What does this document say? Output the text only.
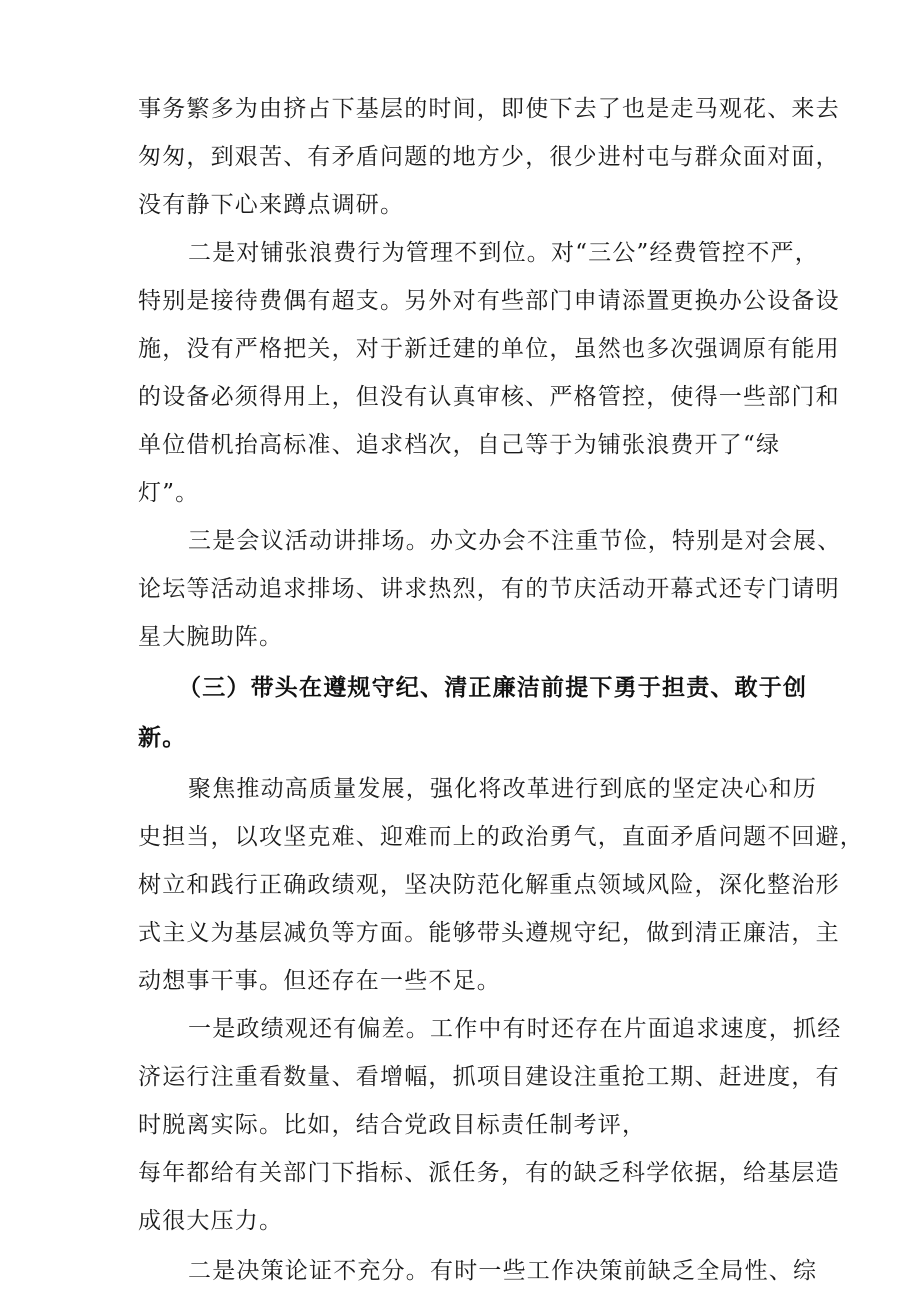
事务繁多为由挤占下基层的时间，即使下去了也是走马观花、来去
匆匆，到艰苦、有矛盾问题的地方少，很少进村屯与群众面对面，
没有静下心来蹲点调研。
二是对铺张浪费行为管理不到位。对“三公”经费管控不严，
特别是接待费偶有超支。另外对有些部门申请添置更换办公设备设
施，没有严格把关，对于新迁建的单位，虽然也多次强调原有能用
的设备必须得用上，但没有认真审核、严格管控，使得一些部门和
单位借机抬高标准、追求档次，自己等于为铺张浪费开了“绿
灯”。
三是会议活动讲排场。办文办会不注重节俭，特别是对会展、
论坛等活动追求排场、讲求热烈，有的节庆活动开幕式还专门请明
星大腕助阵。
（三）带头在遵规守纪、清正廉洁前提下勇于担责、敢于创
新。
聚焦推动高质量发展，强化将改革进行到底的坚定决心和历
史担当，以攻坚克难、迎难而上的政治勇气，直面矛盾问题不回避，
树立和践行正确政绩观，坚决防范化解重点领域风险，深化整治形
式主义为基层减负等方面。能够带头遵规守纪，做到清正廉洁，主
动想事干事。但还存在一些不足。
一是政绩观还有偏差。工作中有时还存在片面追求速度，抓经
济运行注重看数量、看增幅，抓项目建设注重抢工期、赶进度，有
时脱离实际。比如，结合党政目标责任制考评，
每年都给有关部门下指标、派任务，有的缺乏科学依据，给基层造
成很大压力。
二是决策论证不充分。有时一些工作决策前缺乏全局性、综
